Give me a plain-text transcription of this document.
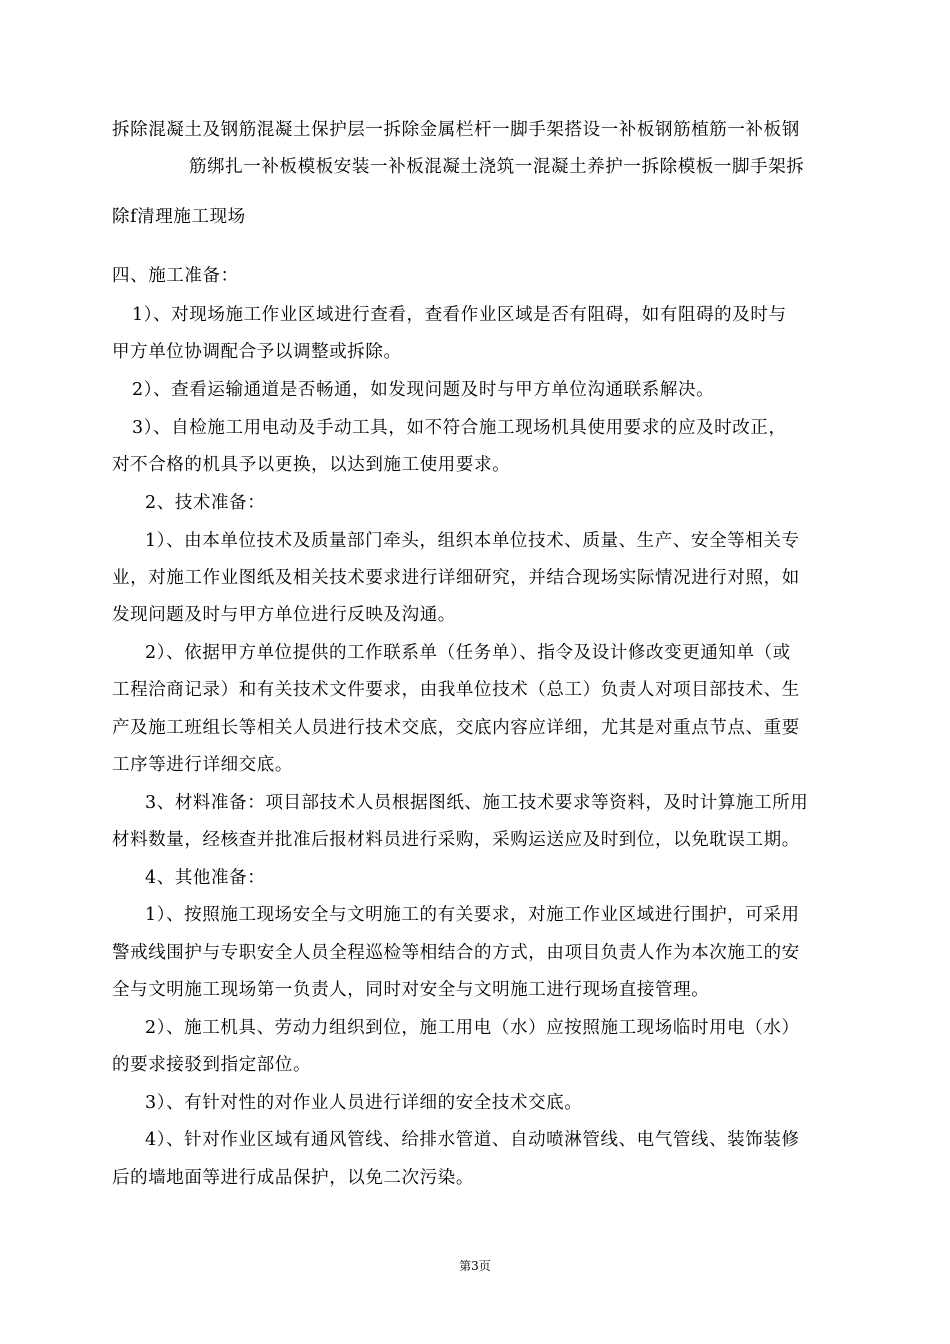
拆除混凝土及钢筋混凝土保护层一拆除金属栏杆一脚手架搭设一补板钢筋植筋一补板钢
筋绑扎一补板模板安装一补板混凝土浇筑一混凝土养护一拆除模板一脚手架拆
除f清理施工现场
四、施工准备：
1）、对现场施工作业区域进行查看，查看作业区域是否有阻碍，如有阻碍的及时与
甲方单位协调配合予以调整或拆除。
2）、查看运输通道是否畅通，如发现问题及时与甲方单位沟通联系解决。
3）、自检施工用电动及手动工具，如不符合施工现场机具使用要求的应及时改正，
对不合格的机具予以更换，以达到施工使用要求。
2、技术准备：
1）、由本单位技术及质量部门牵头，组织本单位技术、质量、生产、安全等相关专
业，对施工作业图纸及相关技术要求进行详细研究，并结合现场实际情况进行对照，如
发现问题及时与甲方单位进行反映及沟通。
2）、依据甲方单位提供的工作联系单（任务单）、指令及设计修改变更通知单（或
工程洽商记录）和有关技术文件要求，由我单位技术（总工）负责人对项目部技术、生
产及施工班组长等相关人员进行技术交底，交底内容应详细，尤其是对重点节点、重要
工序等进行详细交底。
3、材料准备：项目部技术人员根据图纸、施工技术要求等资料，及时计算施工所用
材料数量，经核查并批准后报材料员进行采购，采购运送应及时到位，以免耽误工期。
4、其他准备：
1）、按照施工现场安全与文明施工的有关要求，对施工作业区域进行围护，可采用
警戒线围护与专职安全人员全程巡检等相结合的方式，由项目负责人作为本次施工的安
全与文明施工现场第一负责人，同时对安全与文明施工进行现场直接管理。
2）、施工机具、劳动力组织到位，施工用电（水）应按照施工现场临时用电（水）
的要求接驳到指定部位。
3）、有针对性的对作业人员进行详细的安全技术交底。
4）、针对作业区域有通风管线、给排水管道、自动喷淋管线、电气管线、装饰装修
后的墙地面等进行成品保护，以免二次污染。
第3页
